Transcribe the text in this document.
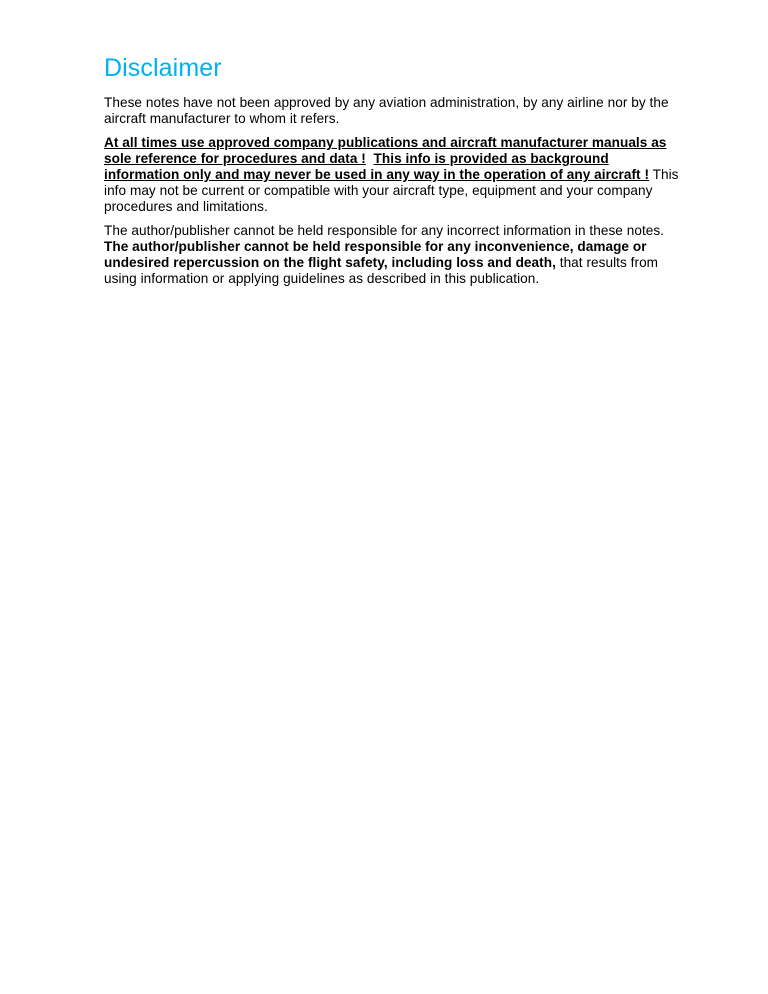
Disclaimer

These notes have not been approved by any aviation administration, by any airline nor by the aircraft manufacturer to whom it refers.

At all times use approved company publications and aircraft manufacturer manuals as sole reference for procedures and data ! This info is provided as background information only and may never be used in any way in the operation of any aircraft ! This info may not be current or compatible with your aircraft type, equipment and your company procedures and limitations.

The author/publisher cannot be held responsible for any incorrect information in these notes.  The author/publisher cannot be held responsible for any inconvenience, damage or undesired repercussion on the flight safety, including loss and death, that results from using information or applying guidelines as described in this publication.
